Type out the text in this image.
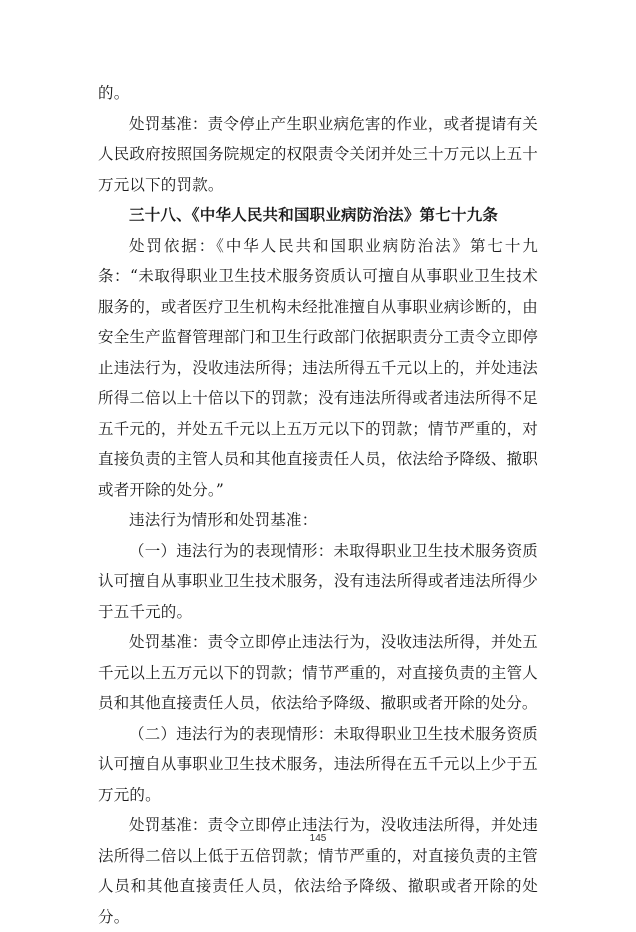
的。

处罚基准：责令停止产生职业病危害的作业，或者提请有关人民政府按照国务院规定的权限责令关闭并处三十万元以上五十万元以下的罚款。

三十八、《中华人民共和国职业病防治法》第七十九条

处罚依据：《中华人民共和国职业病防治法》第七十九条：“未取得职业卫生技术服务资质认可擅自从事职业卫生技术服务的，或者医疗卫生机构未经批准擅自从事职业病诊断的，由安全生产监督管理部门和卫生行政部门依据职责分工责令立即停止违法行为，没收违法所得；违法所得五千元以上的，并处违法所得二倍以上十倍以下的罚款；没有违法所得或者违法所得不足五千元的，并处五千元以上五万元以下的罚款；情节严重的，对直接负责的主管人员和其他直接责任人员，依法给予降级、撤职或者开除的处分。”

违法行为情形和处罚基准：

（一）违法行为的表现情形：未取得职业卫生技术服务资质认可擅自从事职业卫生技术服务，没有违法所得或者违法所得少于五千元的。

处罚基准：责令立即停止违法行为，没收违法所得，并处五千元以上五万元以下的罚款；情节严重的，对直接负责的主管人员和其他直接责任人员，依法给予降级、撤职或者开除的处分。

（二）违法行为的表现情形：未取得职业卫生技术服务资质认可擅自从事职业卫生技术服务，违法所得在五千元以上少于五万元的。

处罚基准：责令立即停止违法行为，没收违法所得，并处违法所得二倍以上低于五倍罚款；情节严重的，对直接负责的主管人员和其他直接责任人员，依法给予降级、撤职或者开除的处分。

145
